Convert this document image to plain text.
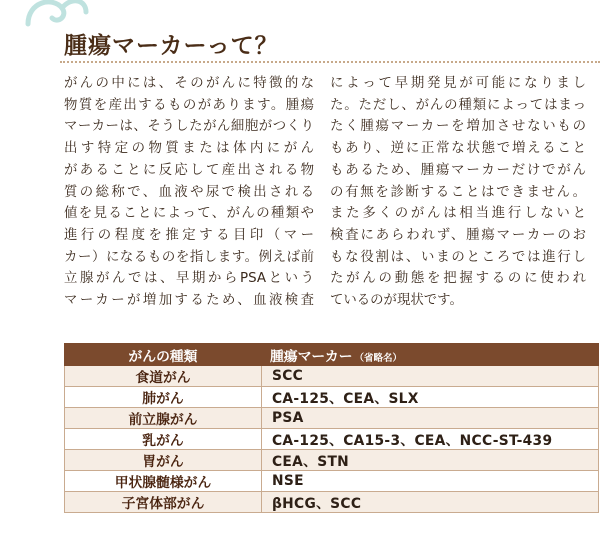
腫瘍マーカーって？
がんの中には、そのがんに特徴的な
物質を産出するものがあります。腫瘍
マーカーは、そうしたがん細胞がつくり
出す特定の物質または体内にがん
があることに反応して産出される物
質の総称で、血液や尿で検出される
値を見ることによって、がんの種類や
進行の程度を推定する目印（マー
カー）になるものを指します。例えば前
立腺がんでは、早期からPSAという
マーカーが増加するため、血液検査
によって早期発見が可能になりまし
た。ただし、がんの種類によってはまっ
たく腫瘍マーカーを増加させないもの
もあり、逆に正常な状態で増えること
もあるため、腫瘍マーカーだけでがん
の有無を診断することはできません。
また多くのがんは相当進行しないと
検査にあらわれず、腫瘍マーカーのお
もな役割は、いまのところでは進行し
たがんの動態を把握するのに使われ
ているのが現状です。
がんの種類	腫瘍マーカー （省略名）
食道がん	SCC
肺がん	CA-125、CEA、SLX
前立腺がん	PSA
乳がん	CA-125、CA15-3、CEA、NCC-ST-439
胃がん	CEA、STN
甲状腺髄様がん	NSE
子宮体部がん	βHCG、SCC
